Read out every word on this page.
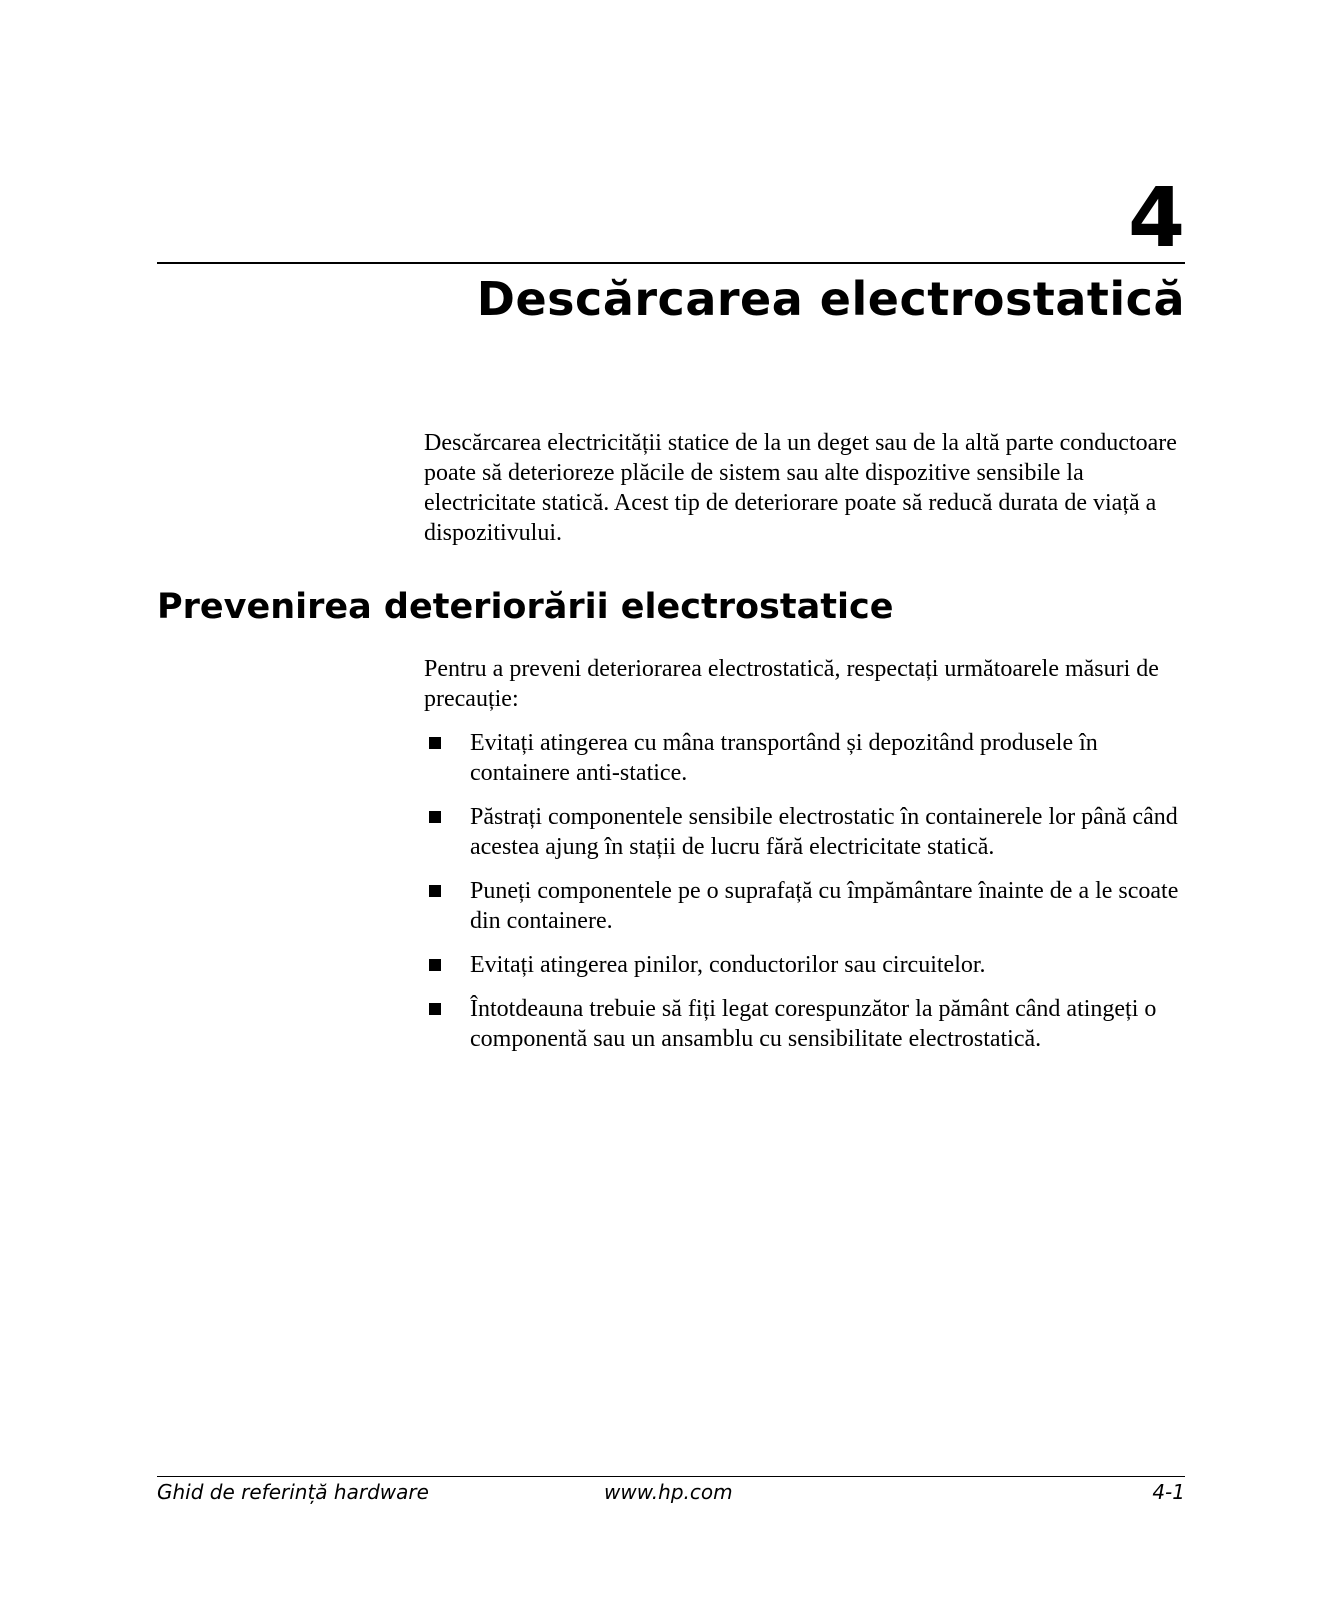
4
Descărcarea electrostatică

Descărcarea electricității statice de la un deget sau de la altă parte conductoare poate să deterioreze plăcile de sistem sau alte dispozitive sensibile la electricitate statică. Acest tip de deteriorare poate să reducă durata de viață a dispozitivului.

Prevenirea deteriorării electrostatice

Pentru a preveni deteriorarea electrostatică, respectați următoarele măsuri de precauție:

Evitați atingerea cu mâna transportând și depozitând produsele în containere anti-statice.
Păstrați componentele sensibile electrostatic în containerele lor până când acestea ajung în stații de lucru fără electricitate statică.
Puneți componentele pe o suprafață cu împământare înainte de a le scoate din containere.
Evitați atingerea pinilor, conductorilor sau circuitelor.
Întotdeauna trebuie să fiți legat corespunzător la pământ când atingeți o componentă sau un ansamblu cu sensibilitate electrostatică.
Ghid de referință hardware	www.hp.com	4-1
